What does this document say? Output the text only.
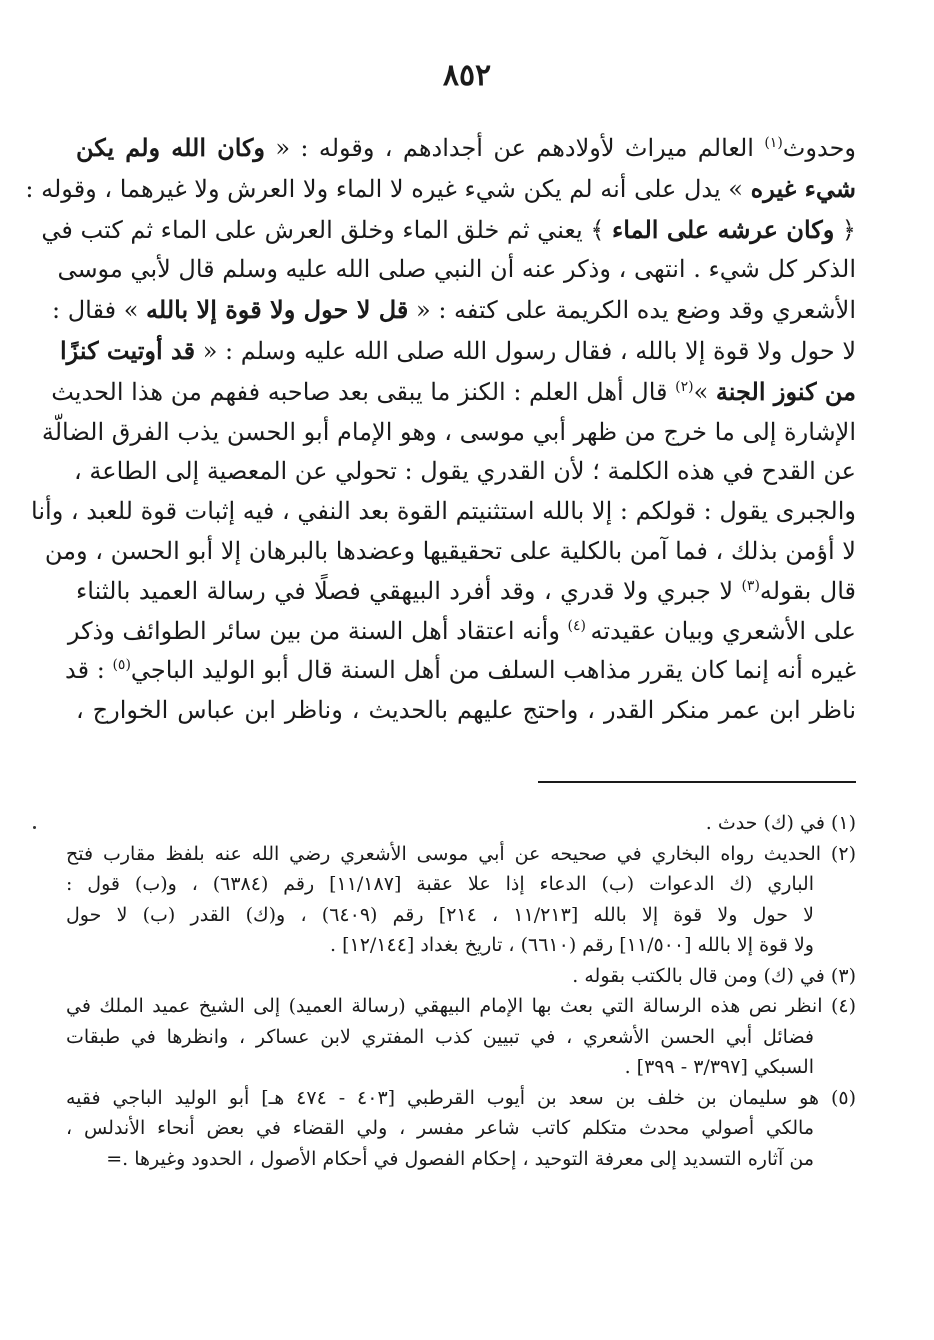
٨٥٢
وحدوث$^{(١)}$ العالم ميراث لأولادهم عن أجدادهم ، وقوله : « وكان الله ولم يكن
شيء غيره » يدل على أنه لم يكن شيء غيره لا الماء ولا العرش ولا غيرهما ، وقوله :
﴿ وكان عرشه على الماء ﴾ يعني ثم خلق الماء وخلق العرش على الماء ثم كتب في
الذكر كل شيء . انتهى ، وذكر عنه أن النبي صلى الله عليه وسلم قال لأبي موسى
الأشعري وقد وضع يده الكريمة على كتفه : « قل لا حول ولا قوة إلا بالله » فقال :
لا حول ولا قوة إلا بالله ، فقال رسول الله صلى الله عليه وسلم : « قد أوتيت كنزًا
من كنوز الجنة »$^{(٢)}$ قال أهل العلم : الكنز ما يبقى بعد صاحبه ففهم من هذا الحديث
الإشارة إلى ما خرج من ظهر أبي موسى ، وهو الإمام أبو الحسن يذب الفرق الضالّة
عن القدح في هذه الكلمة ؛ لأن القدري يقول : تحولي عن المعصية إلى الطاعة ،
والجبرى يقول : قولكم : إلا بالله استثنيتم القوة بعد النفي ، فيه إثبات قوة للعبد ، وأنا
لا أؤمن بذلك ، فما آمن بالكلية على تحقيقيها وعضدها بالبرهان إلا أبو الحسن ، ومن
قال بقوله$^{(٣)}$ لا جبري ولا قدري ، وقد أفرد البيهقي فصلًا في رسالة العميد بالثناء
على الأشعري وبيان عقيدته $^{(٤)}$ وأنه اعتقاد أهل السنة من بين سائر الطوائف وذكر
غيره أنه إنما كان يقرر مذاهب السلف من أهل السنة قال أبو الوليد الباجي$^{(٥)}$ : قد
ناظر ابن عمر منكر القدر ، واحتج عليهم بالحديث ، وناظر ابن عباس الخوارج ،
(١) في (ك) حدث .
(٢) الحديث رواه البخاري في صحيحه عن أبي موسى الأشعري رضي الله عنه بلفظ مقارب فتح
الباري (ك الدعوات (ب) الدعاء إذا علا عقبة [١١/١٨٧] رقم (٦٣٨٤) ، و(ب) قول :
لا حول ولا قوة إلا بالله [١١/٢١٣ ، ٢١٤] رقم (٦٤٠٩) ، و(ك) القدر (ب) لا حول
ولا قوة إلا بالله [١١/٥٠٠] رقم (٦٦١٠) ، تاريخ بغداد [١٢/١٤٤] .
(٣) في (ك) ومن قال بالكتب بقوله .
(٤) انظر نص هذه الرسالة التي بعث بها الإمام البيهقي (رسالة العميد) إلى الشيخ عميد الملك في
فضائل أبي الحسن الأشعري ، في تبيين كذب المفتري لابن عساكر ، وانظرها في طبقات
السبكي [٣/٣٩٧ - ٣٩٩] .
(٥) هو سليمان بن خلف بن سعد بن أيوب القرطبي [٤٠٣ - ٤٧٤ هـ] أبو الوليد الباجي فقيه
مالكي أصولي محدث متكلم كاتب شاعر مفسر ، ولي القضاء في بعض أنحاء الأندلس ،
من آثاره التسديد إلى معرفة التوحيد ، إحكام الفصول في أحكام الأصول ، الحدود وغيرها .=
